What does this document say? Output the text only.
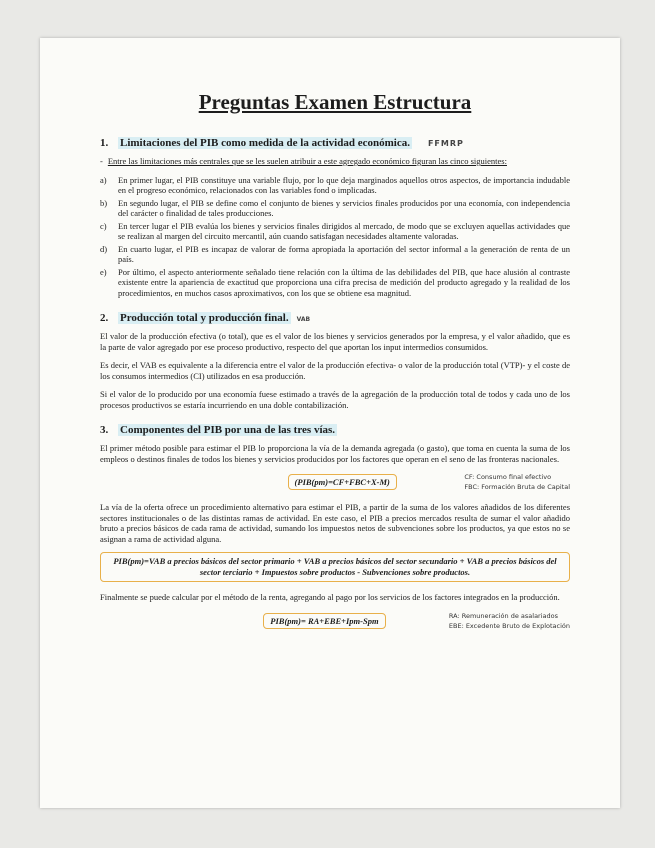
Preguntas Examen Estructura
1.	Limitaciones del PIB como medida de la actividad económica. FFMRP

- Entre las limitaciones más centrales que se les suelen atribuir a este agregado económico figuran las cinco siguientes:

a)	En primer lugar, el PIB constituye una variable flujo, por lo que deja marginados aquellos otros aspectos, de importancia indudable en el progreso económico, relacionados con las variables fond o implicadas.
b)	En segundo lugar, el PIB se define como el conjunto de bienes y servicios finales producidos por una economía, con independencia del carácter o finalidad de tales producciones.
c)	En tercer lugar el PIB evalúa los bienes y servicios finales dirigidos al mercado, de modo que se excluyen aquellas actividades que se realizan al margen del circuito mercantil, aún cuando satisfagan necesidades altamente valoradas.
d)	En cuarto lugar, el PIB es incapaz de valorar de forma apropiada la aportación del sector informal a la generación de renta de un país.
e)	Por último, el aspecto anteriormente señalado tiene relación con la última de las debilidades del PIB, que hace alusión al contraste existente entre la apariencia de exactitud que proporciona una cifra precisa de medición del producto agregado y la realidad de los procedimientos, en muchos casos aproximativos, con los que se obtiene esa magnitud.
2.	Producción total y producción final.	VAB

El valor de la producción efectiva (o total), que es el valor de los bienes y servicios generados por la empresa, y el valor añadido, que es la parte de valor agregado por ese proceso productivo, respecto del que aportan los input intermedios consumidos.

Es decir, el VAB es equivalente a la diferencia entre el valor de la producción efectiva- o valor de la producción total (VTP)- y el coste de los consumos intermedios (CI) utilizados en esa producción.

Si el valor de lo producido por una economía fuese estimado a través de la agregación de la producción total de todos y cada uno de los procesos productivos se estaría incurriendo en una doble contabilización.

3.	Componentes del PIB por una de las tres vías.

El primer método posible para estimar el PIB lo proporciona la vía de la demanda agregada (o gasto), que toma en cuenta la suma de los empleos o destinos finales de todos los bienes y servicios producidos por los factores que operan en el seno de las fronteras nacionales.

(PIB(pm)=CF+FBC+X-M)	CF: Consumo final efectivo
FBC: Formación Bruta de Capital

La vía de la oferta ofrece un procedimiento alternativo para estimar el PIB, a partir de la suma de los valores añadidos de los diferentes sectores institucionales o de las distintas ramas de actividad. En este caso, el PIB a precios mercados resulta de sumar el valor añadido bruto a precios básicos de cada rama de actividad, sumando los impuestos netos de subvenciones sobre los productos, ya que estos no se asignan a rama de actividad alguna.

PIB(pm)=VAB a precios básicos del sector primario + VAB a precios básicos del sector secundario + VAB a precios básicos del sector terciario + Impuestos sobre productos - Subvenciones sobre productos.

Finalmente se puede calcular por el método de la renta, agregando al pago por los servicios de los factores integrados en la producción.

PIB(pm)= RA+EBE+Ipm-Spm	RA: Remuneración de asalariados
EBE: Excedente Bruto de Explotación
